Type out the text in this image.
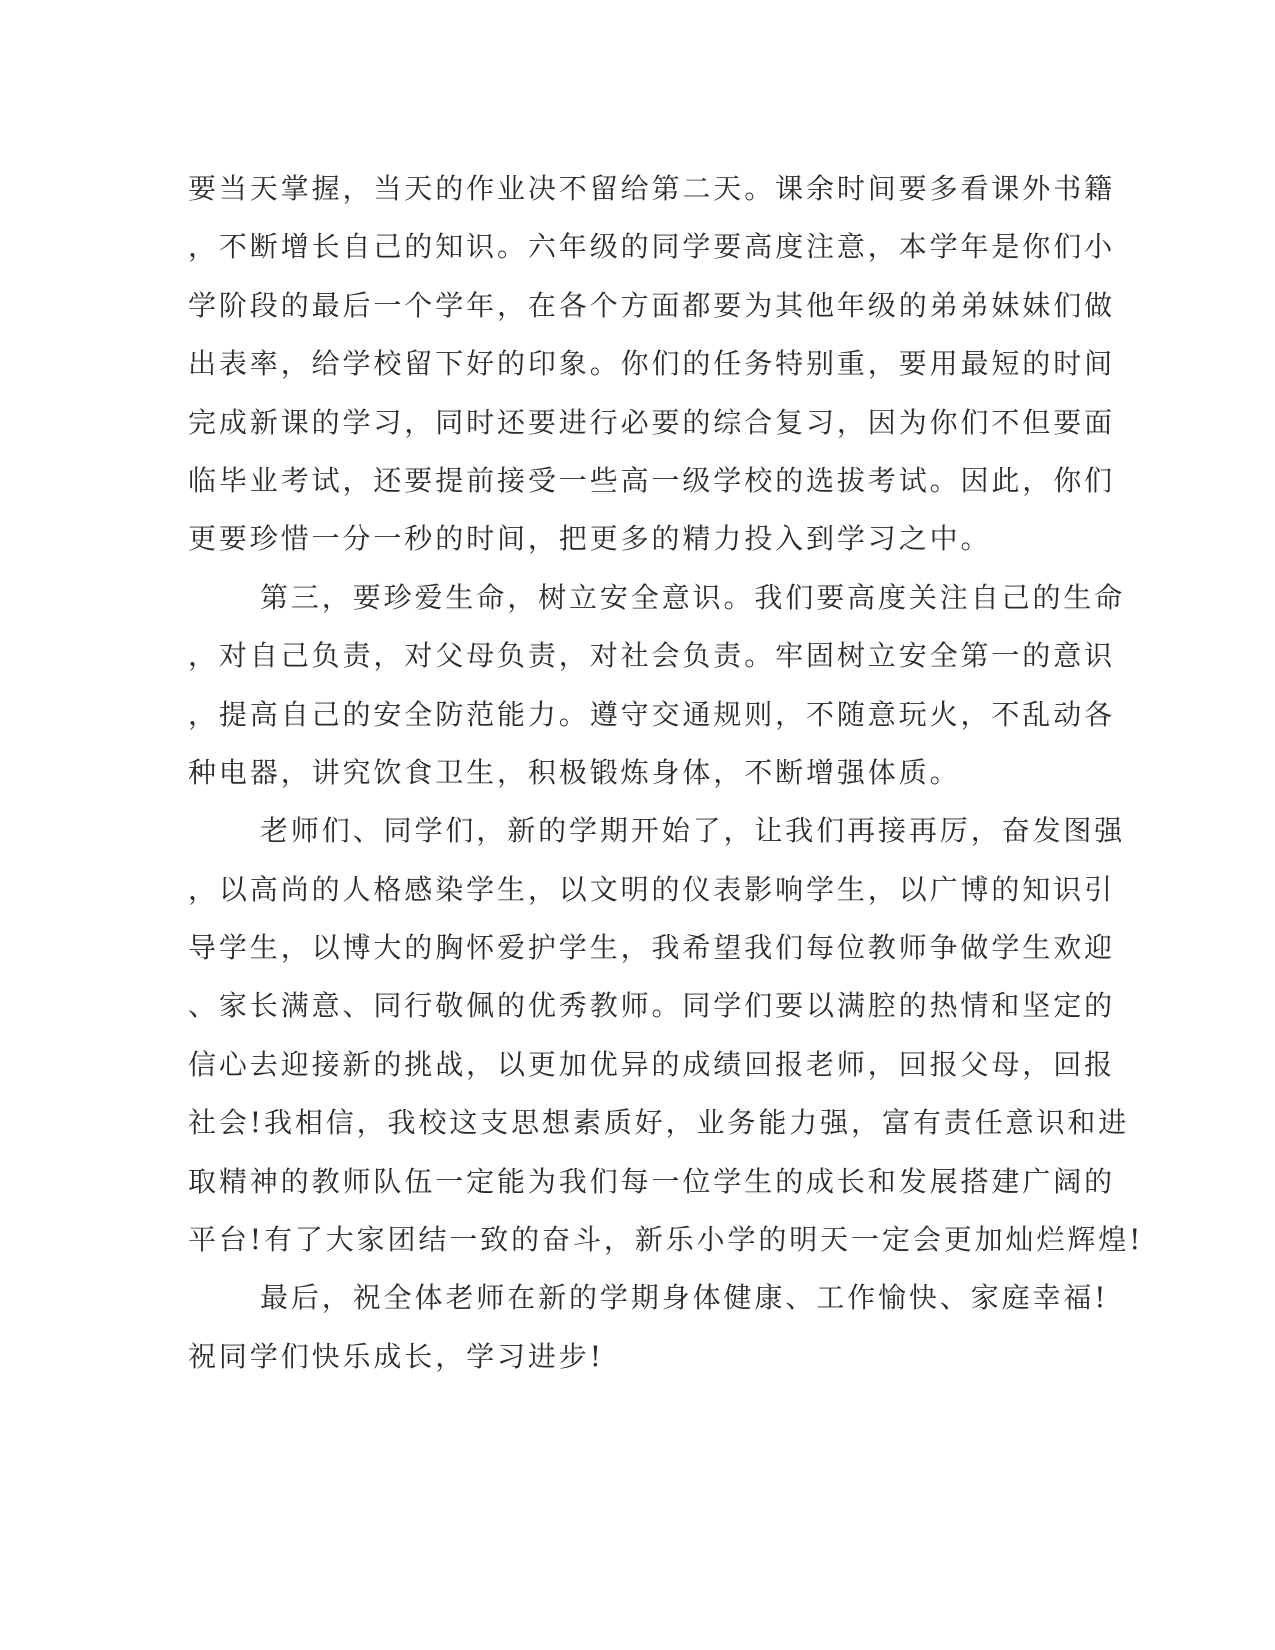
要当天掌握，当天的作业决不留给第二天。课余时间要多看课外书籍
，不断增长自己的知识。六年级的同学要高度注意，本学年是你们小
学阶段的最后一个学年，在各个方面都要为其他年级的弟弟妹妹们做
出表率，给学校留下好的印象。你们的任务特别重，要用最短的时间
完成新课的学习，同时还要进行必要的综合复习，因为你们不但要面
临毕业考试，还要提前接受一些高一级学校的选拔考试。因此，你们
更要珍惜一分一秒的时间，把更多的精力投入到学习之中。
第三，要珍爱生命，树立安全意识。我们要高度关注自己的生命
，对自己负责，对父母负责，对社会负责。牢固树立安全第一的意识
，提高自己的安全防范能力。遵守交通规则，不随意玩火，不乱动各
种电器，讲究饮食卫生，积极锻炼身体，不断增强体质。
老师们、同学们，新的学期开始了，让我们再接再厉，奋发图强
，以高尚的人格感染学生，以文明的仪表影响学生，以广博的知识引
导学生，以博大的胸怀爱护学生，我希望我们每位教师争做学生欢迎
、家长满意、同行敬佩的优秀教师。同学们要以满腔的热情和坚定的
信心去迎接新的挑战，以更加优异的成绩回报老师，回报父母，回报
社会!我相信，我校这支思想素质好，业务能力强，富有责任意识和进
取精神的教师队伍一定能为我们每一位学生的成长和发展搭建广阔的
平台!有了大家团结一致的奋斗，新乐小学的明天一定会更加灿烂辉煌!
最后，祝全体老师在新的学期身体健康、工作愉快、家庭幸福!
祝同学们快乐成长，学习进步!
